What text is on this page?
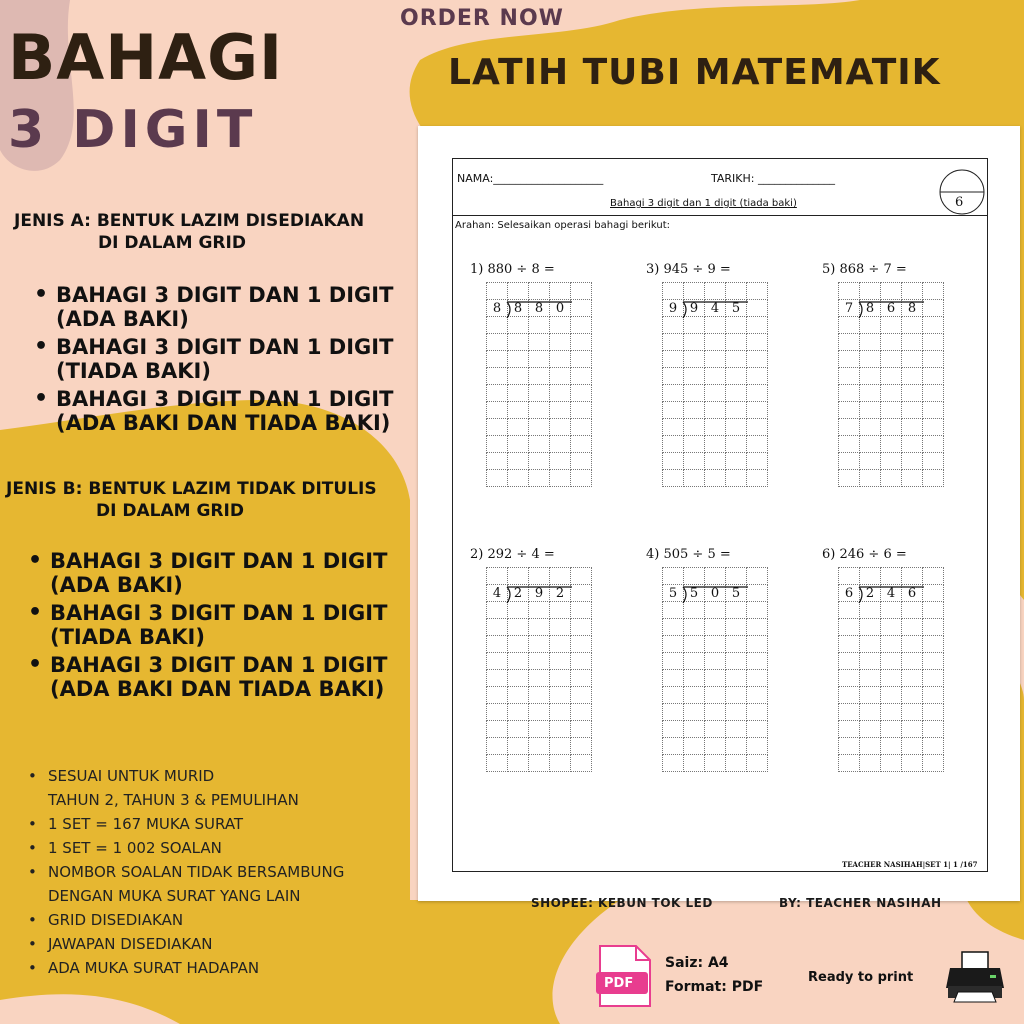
BAHAGI
3 DIGIT
JENIS A: BENTUK LAZIM DISEDIAKAN
DI DALAM GRID
• BAHAGI 3 DIGIT DAN 1 DIGIT
(ADA BAKI)
• BAHAGI 3 DIGIT DAN 1 DIGIT
(TIADA BAKI)
• BAHAGI 3 DIGIT DAN 1 DIGIT
(ADA BAKI DAN TIADA BAKI)
JENIS B: BENTUK LAZIM TIDAK DITULIS
DI DALAM GRID
• BAHAGI 3 DIGIT DAN 1 DIGIT
(ADA BAKI)
• BAHAGI 3 DIGIT DAN 1 DIGIT
(TIADA BAKI)
• BAHAGI 3 DIGIT DAN 1 DIGIT
(ADA BAKI DAN TIADA BAKI)
• SESUAI UNTUK MURID
TAHUN 2, TAHUN 3 & PEMULIHAN
• 1 SET = 167 MUKA SURAT
• 1 SET = 1 002 SOALAN
• NOMBOR SOALAN TIDAK BERSAMBUNG
DENGAN MUKA SURAT YANG LAIN
• GRID DISEDIAKAN
• JAWAPAN DISEDIAKAN
• ADA MUKA SURAT HADAPAN
ORDER NOW
LATIH TUBI MATEMATIK
NAMA:____________________	TARIKH: ______________
6
Bahagi 3 digit dan 1 digit (tiada baki)
Arahan: Selesaikan operasi bahagi berikut:
1) 880 ÷ 8 =

8	8	8	0	

3) 945 ÷ 9 =

9	9	4	5	

5) 868 ÷ 7 =

7	8	6	8	

2) 292 ÷ 4 =

4	2	9	2	

4) 505 ÷ 5 =

5	5	0	5	

6) 246 ÷ 6 =

6	2	4	6	

TEACHER NASIHAH|SET 1| 1 /167
SHOPEE: KEBUN TOK LED	BY: TEACHER NASIHAH
PDF
Saiz: A4
Format: PDF
Ready to print
